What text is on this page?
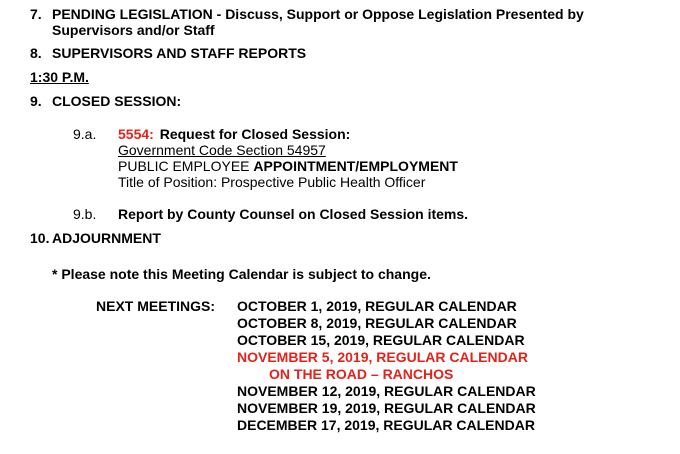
7. PENDING LEGISLATION - Discuss, Support or Oppose Legislation Presented by
Supervisors and/or Staff
8. SUPERVISORS AND STAFF REPORTS
1:30 P.M.
9. CLOSED SESSION:
9.a. 5554: Request for Closed Session:
Government Code Section 54957
PUBLIC EMPLOYEE APPOINTMENT/EMPLOYMENT
Title of Position: Prospective Public Health Officer
9.b. Report by County Counsel on Closed Session items.
10. ADJOURNMENT
* Please note this Meeting Calendar is subject to change.
NEXT MEETINGS: OCTOBER 1, 2019, REGULAR CALENDAR
OCTOBER 8, 2019, REGULAR CALENDAR
OCTOBER 15, 2019, REGULAR CALENDAR
NOVEMBER 5, 2019, REGULAR CALENDAR
ON THE ROAD – RANCHOS
NOVEMBER 12, 2019, REGULAR CALENDAR
NOVEMBER 19, 2019, REGULAR CALENDAR
DECEMBER 17, 2019, REGULAR CALENDAR
